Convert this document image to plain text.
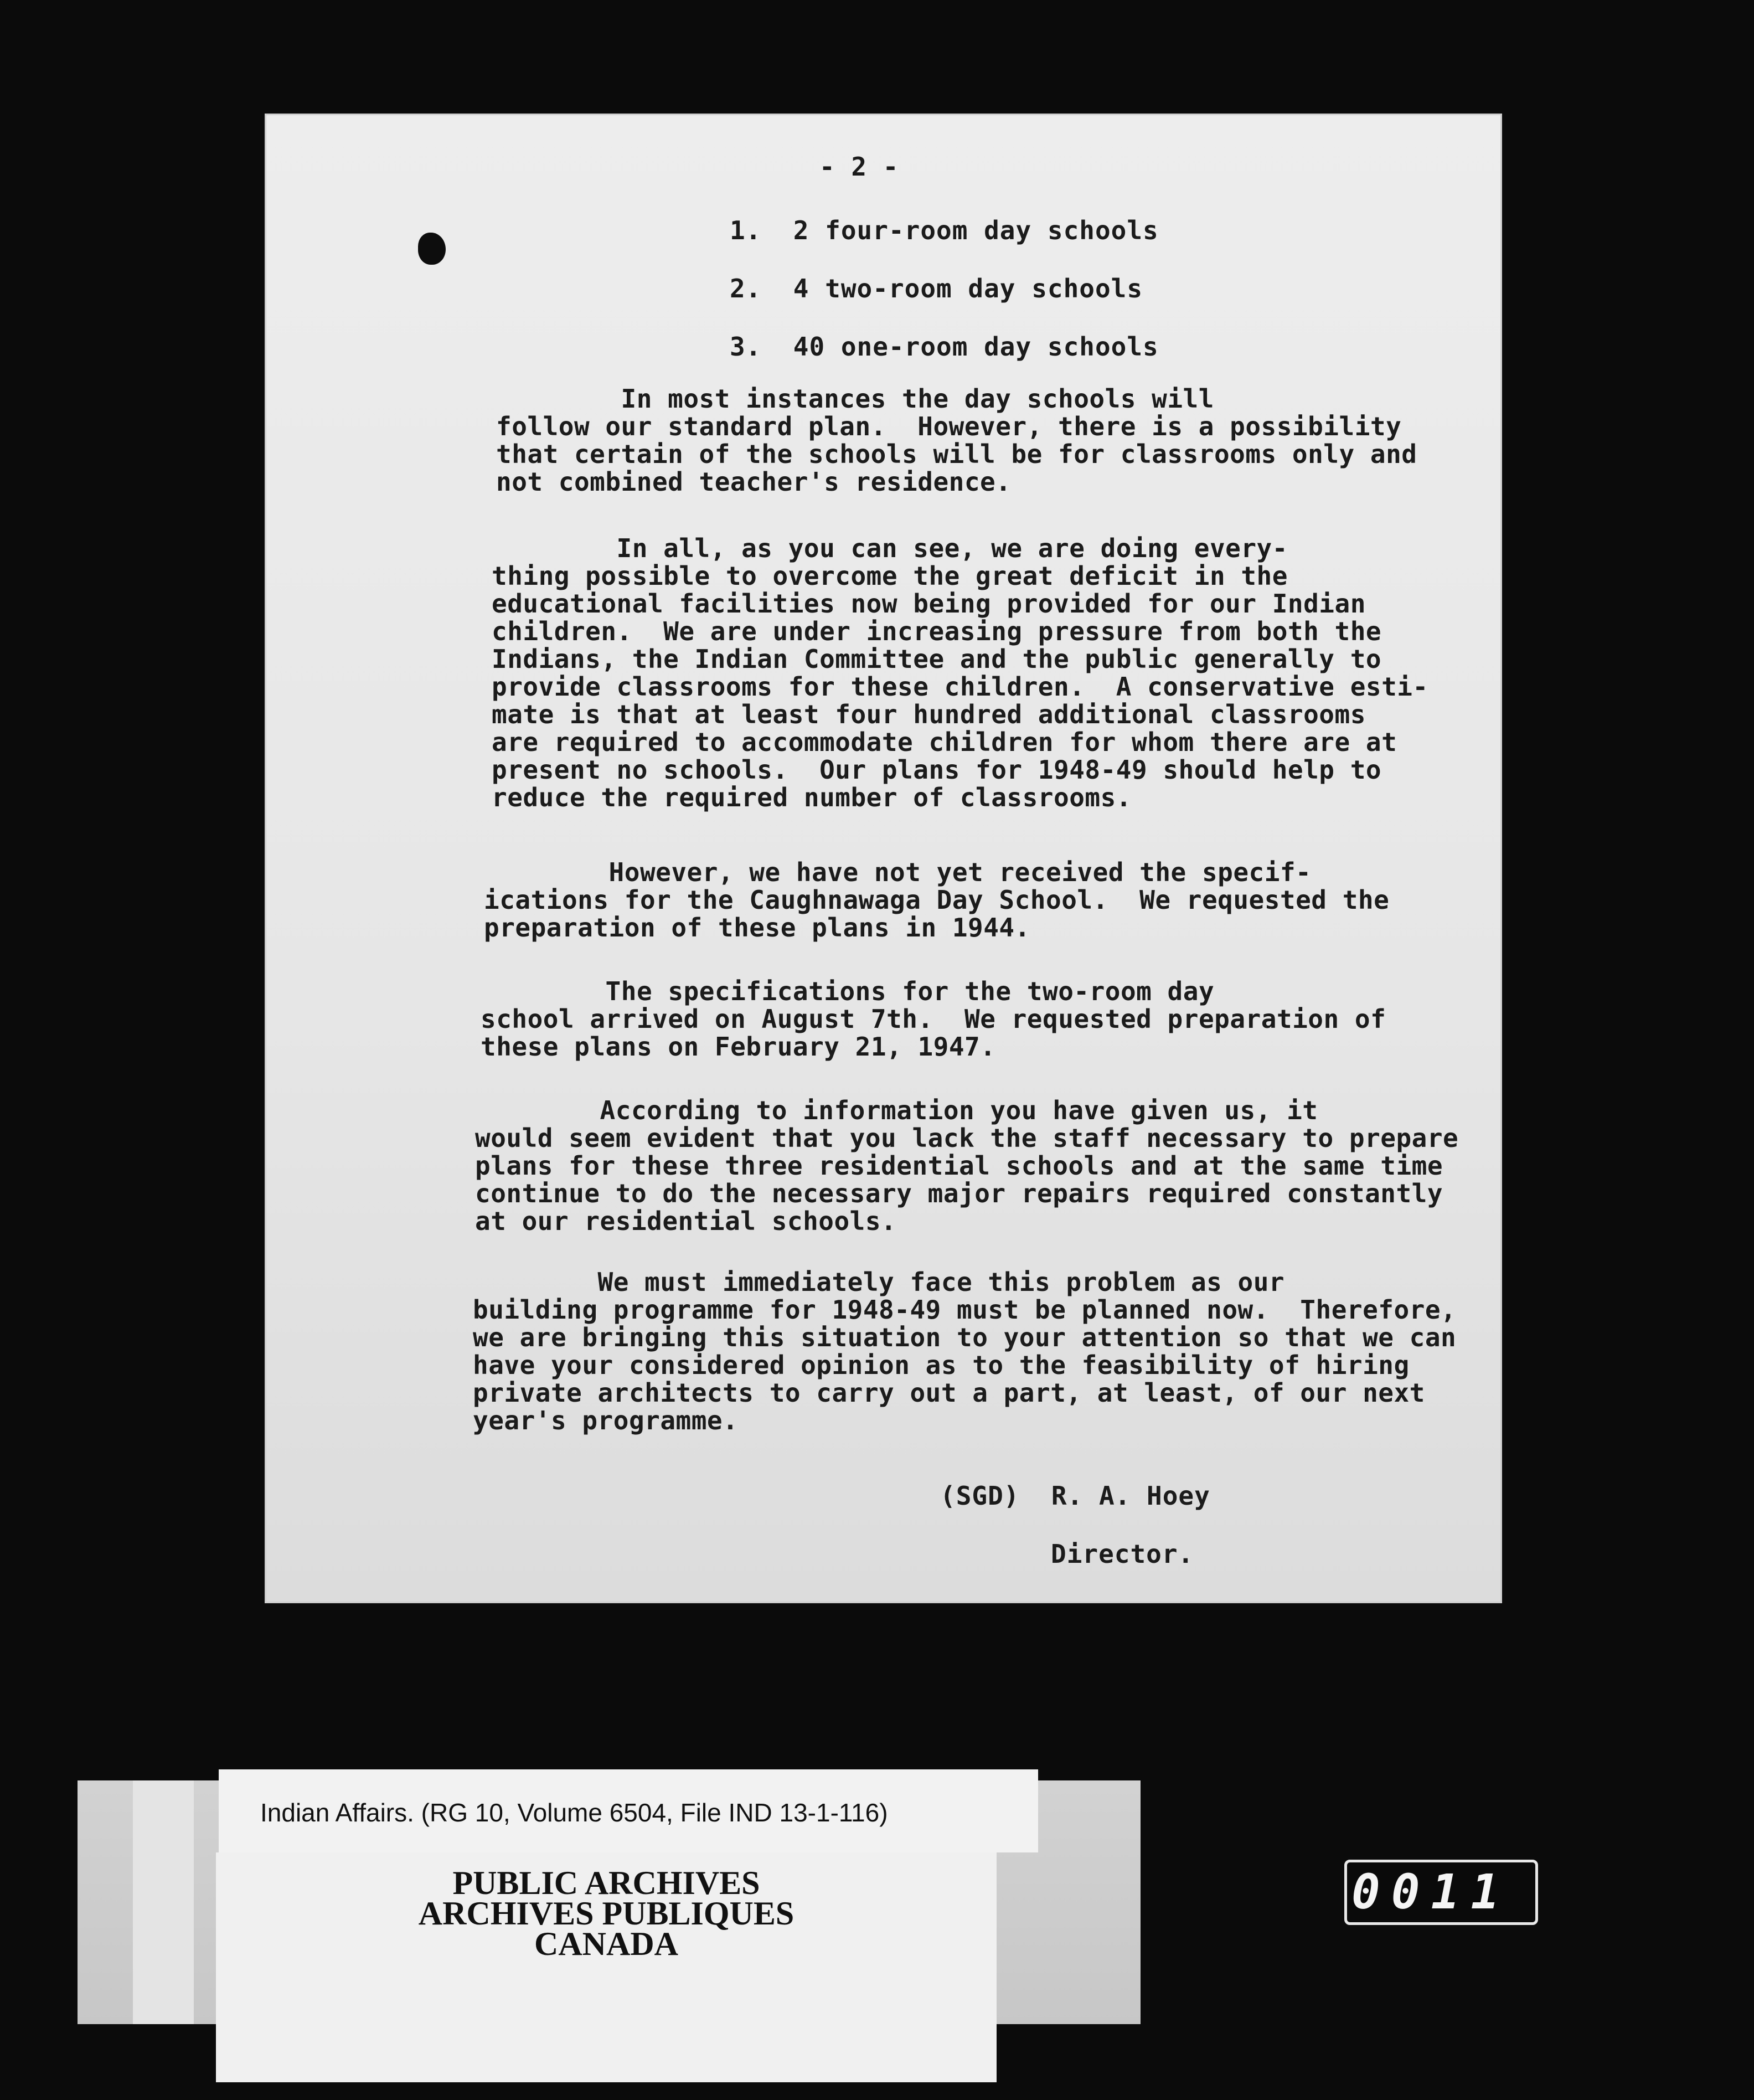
- 2 -
1.  2 four-room day schools
2.  4 two-room day schools
3.  40 one-room day schools
In most instances the day schools will
follow our standard plan.  However, there is a possibility
that certain of the schools will be for classrooms only and
not combined teacher's residence.
In all, as you can see, we are doing every-
thing possible to overcome the great deficit in the
educational facilities now being provided for our Indian
children.  We are under increasing pressure from both the
Indians, the Indian Committee and the public generally to
provide classrooms for these children.  A conservative esti-
mate is that at least four hundred additional classrooms
are required to accommodate children for whom there are at
present no schools.  Our plans for 1948-49 should help to
reduce the required number of classrooms.
However, we have not yet received the specif-
ications for the Caughnawaga Day School.  We requested the
preparation of these plans in 1944.
The specifications for the two-room day
school arrived on August 7th.  We requested preparation of
these plans on February 21, 1947.
According to information you have given us, it
would seem evident that you lack the staff necessary to prepare
plans for these three residential schools and at the same time
continue to do the necessary major repairs required constantly
at our residential schools.
We must immediately face this problem as our
building programme for 1948-49 must be planned now.  Therefore,
we are bringing this situation to your attention so that we can
have your considered opinion as to the feasibility of hiring
private architects to carry out a part, at least, of our next
year's programme.
(SGD)  R. A. Hoey
Director.
Indian Affairs. (RG 10, Volume 6504, File IND 13-1-116)
PUBLIC ARCHIVES
ARCHIVES PUBLIQUES
CANADA
0011
